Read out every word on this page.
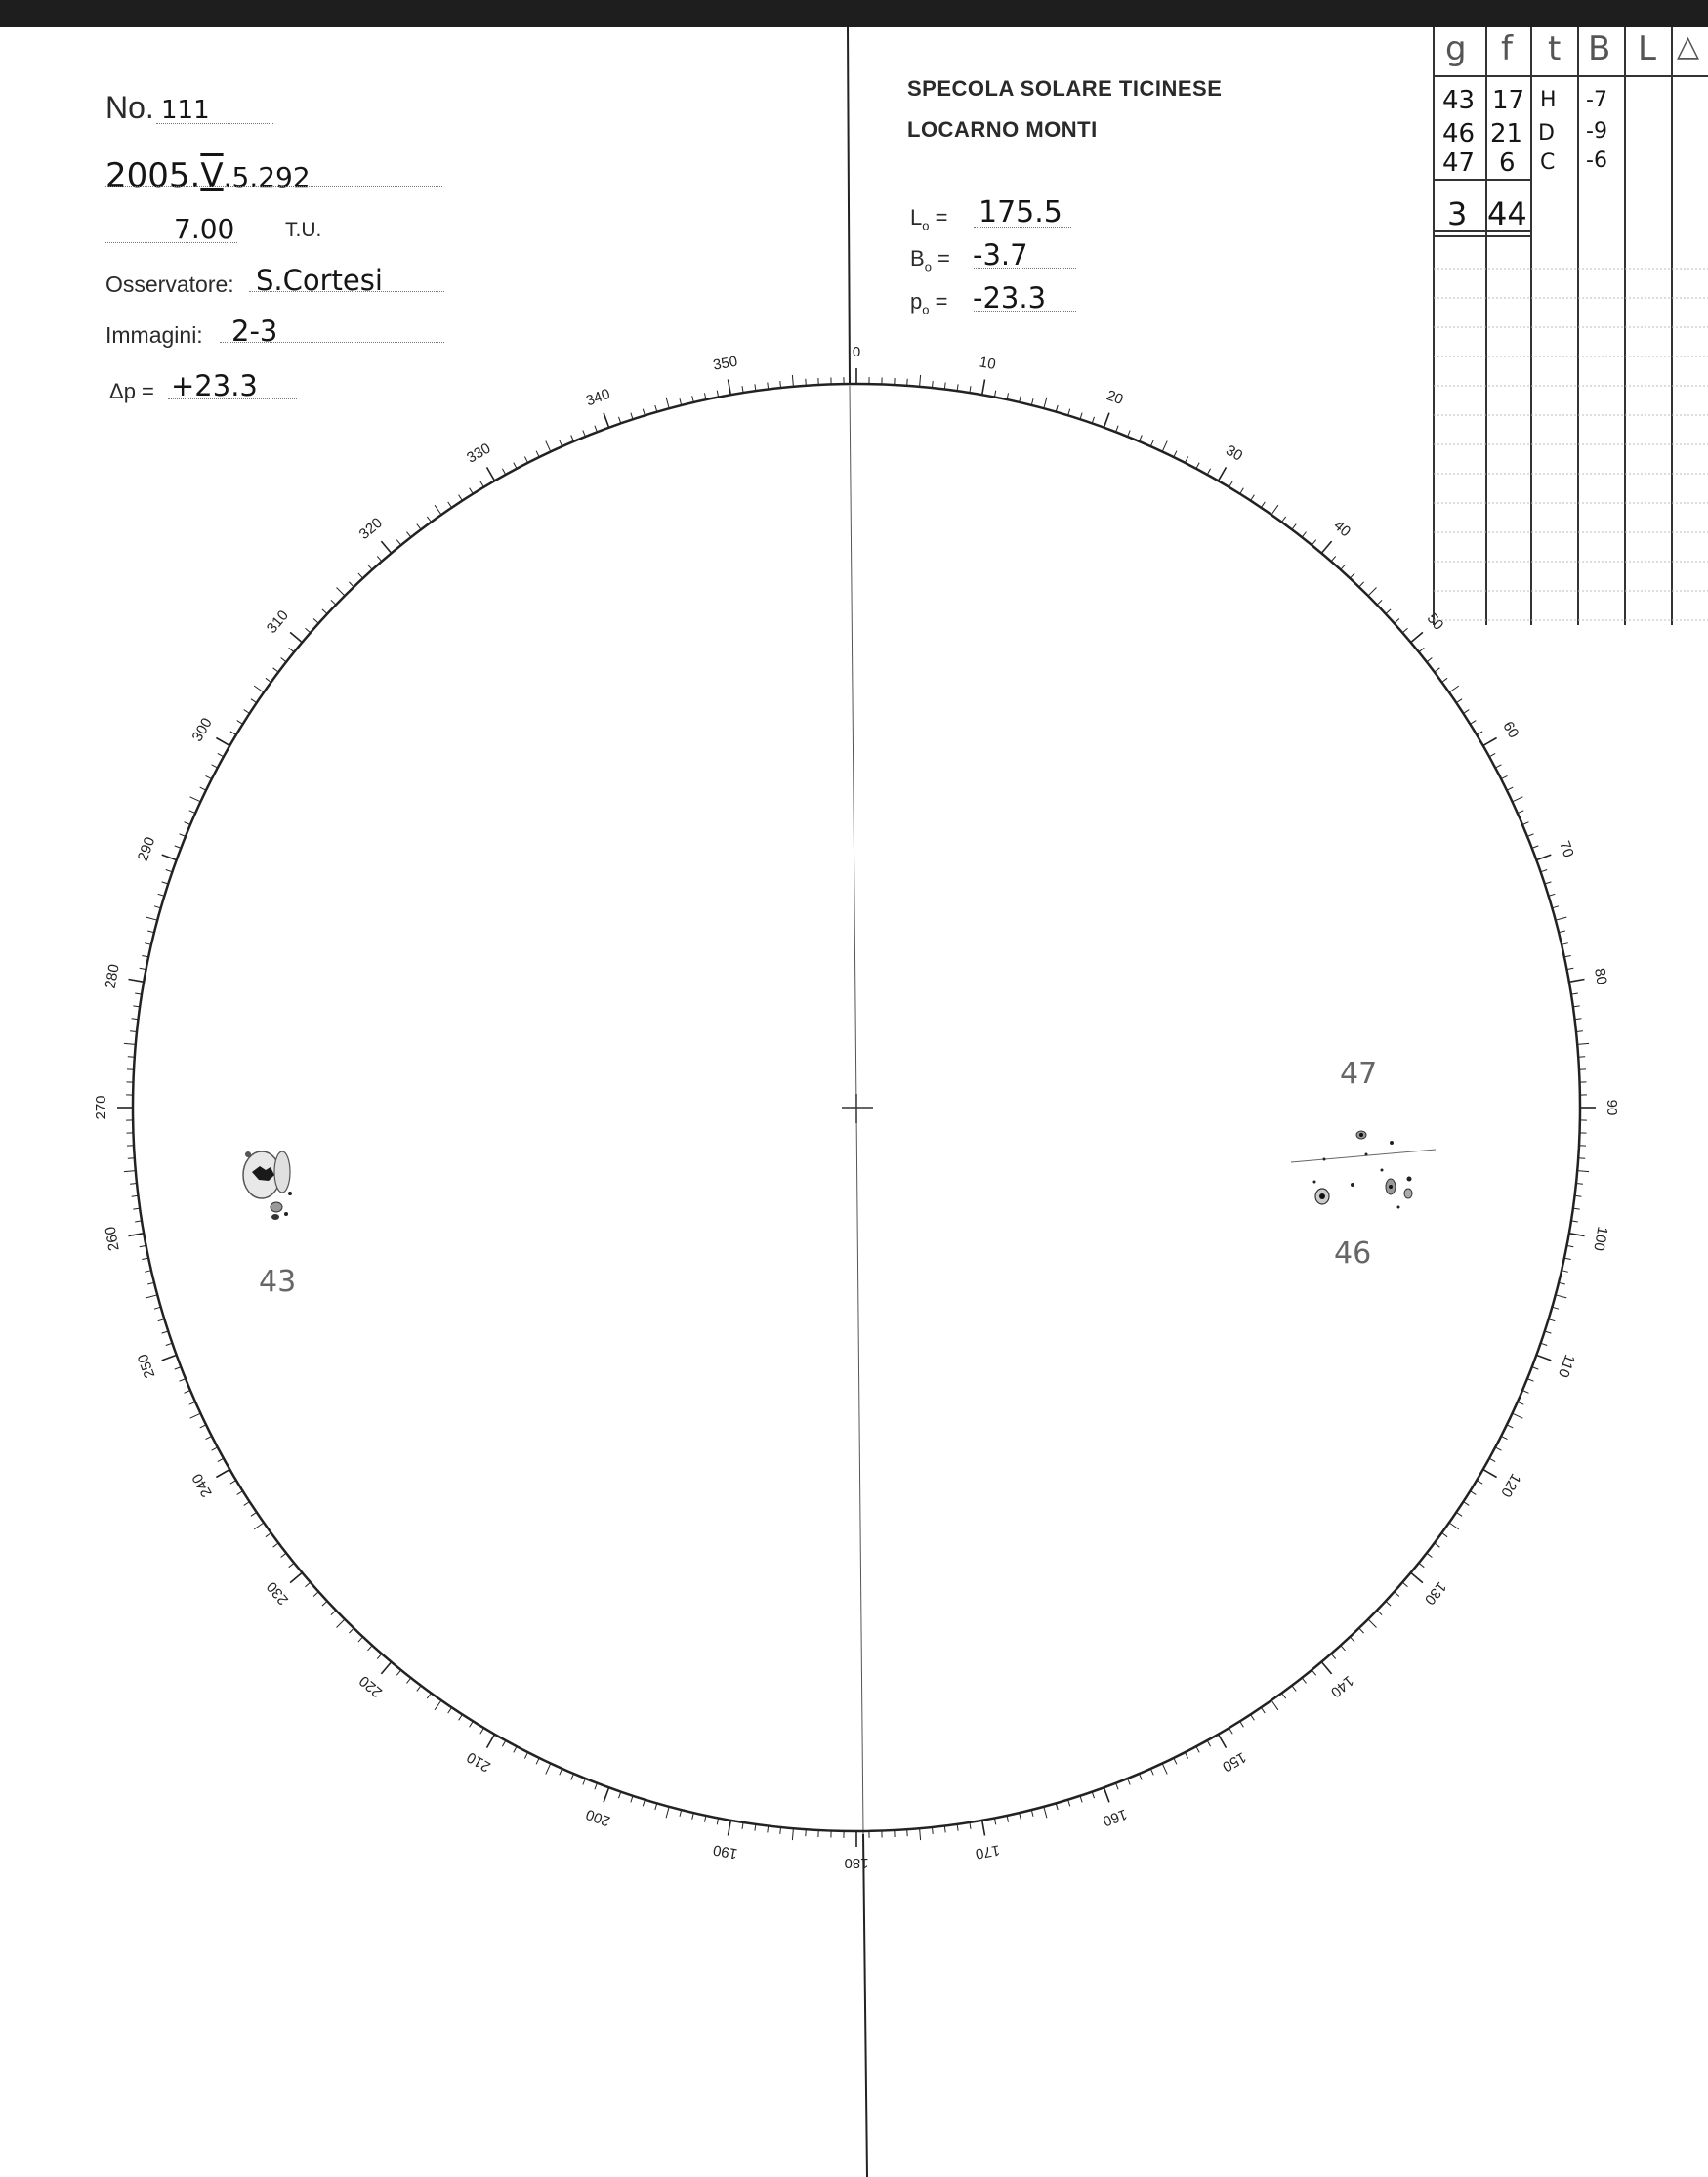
No. 111
2005.V.5.292
7.00 T.U.
Osservatore: S.Cortesi
Immagini: 2-3
Δp = +23.3
SPECOLA SOLARE TICINESE
LOCARNO MONTI
$L_o = 175.5$
$B_o = -3.7$
$p_o = -23.3$
0
10
20
30
40
50
60
70
80
90
100
110
120
130
140
150
160
170
180
190
200
210
220
230
240
250
260
270
280
290
300
310
320
330
340
350
g f t B L △
43 17 H -7
46 21 D -9
47 6 C -6
3 44
43
46
47
